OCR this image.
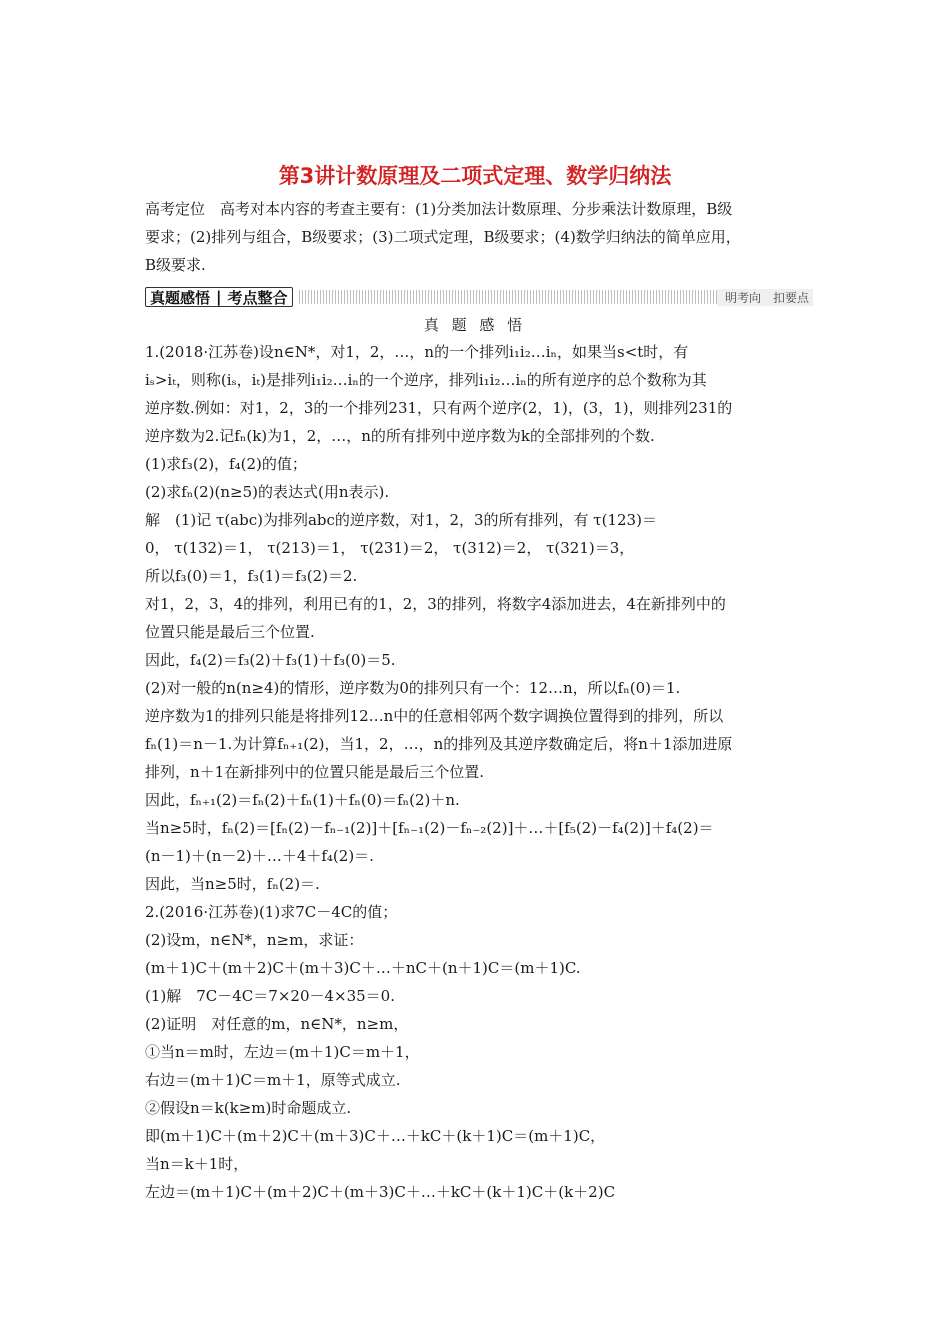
第3讲计数原理及二项式定理、数学归纳法
高考定位　高考对本内容的考查主要有：(1)分类加法计数原理、分步乘法计数原理，B级
要求；(2)排列与组合，B级要求；(3)二项式定理，B级要求；(4)数学归纳法的简单应用，
B级要求.
真题感悟 | 考点整合	明考向　扣要点
真 题 感 悟
1.(2018·江苏卷)设n∈N*，对1，2，…，n的一个排列i₁i₂…iₙ，如果当s<t时，有
iₛ>iₜ，则称(iₛ，iₜ)是排列i₁i₂…iₙ的一个逆序，排列i₁i₂…iₙ的所有逆序的总个数称为其
逆序数.例如：对1，2，3的一个排列231，只有两个逆序(2，1)，(3，1)，则排列231的
逆序数为2.记fₙ(k)为1，2，…，n的所有排列中逆序数为k的全部排列的个数.
(1)求f₃(2)，f₄(2)的值；
(2)求fₙ(2)(n≥5)的表达式(用n表示).
解　(1)记 τ(abc)为排列abc的逆序数，对1，2，3的所有排列，有 τ(123)＝
0， τ(132)＝1， τ(213)＝1， τ(231)＝2， τ(312)＝2， τ(321)＝3，
所以f₃(0)＝1，f₃(1)＝f₃(2)＝2.
对1，2，3，4的排列，利用已有的1，2，3的排列，将数字4添加进去，4在新排列中的
位置只能是最后三个位置.
因此，f₄(2)＝f₃(2)＋f₃(1)＋f₃(0)＝5.
(2)对一般的n(n≥4)的情形，逆序数为0的排列只有一个：12…n，所以fₙ(0)＝1.
逆序数为1的排列只能是将排列12…n中的任意相邻两个数字调换位置得到的排列，所以
fₙ(1)＝n－1.为计算fₙ₊₁(2)，当1，2，…，n的排列及其逆序数确定后，将n＋1添加进原
排列，n＋1在新排列中的位置只能是最后三个位置.
因此，fₙ₊₁(2)＝fₙ(2)＋fₙ(1)＋fₙ(0)＝fₙ(2)＋n.
当n≥5时，fₙ(2)＝[fₙ(2)－fₙ₋₁(2)]＋[fₙ₋₁(2)－fₙ₋₂(2)]＋…＋[f₅(2)－f₄(2)]＋f₄(2)＝
(n－1)＋(n－2)＋…＋4＋f₄(2)＝.
因此，当n≥5时，fₙ(2)＝.
2.(2016·江苏卷)(1)求7C－4C的值；
(2)设m，n∈N*，n≥m，求证：
(m＋1)C＋(m＋2)C＋(m＋3)C＋…＋nC＋(n＋1)C＝(m＋1)C.
(1)解　7C－4C＝7×20－4×35＝0.
(2)证明　对任意的m，n∈N*，n≥m，
①当n＝m时，左边＝(m＋1)C＝m＋1，
右边＝(m＋1)C＝m＋1，原等式成立.
②假设n＝k(k≥m)时命题成立.
即(m＋1)C＋(m＋2)C＋(m＋3)C＋…＋kC＋(k＋1)C＝(m＋1)C，
当n＝k＋1时，
左边＝(m＋1)C＋(m＋2)C＋(m＋3)C＋…＋kC＋(k＋1)C＋(k＋2)C
